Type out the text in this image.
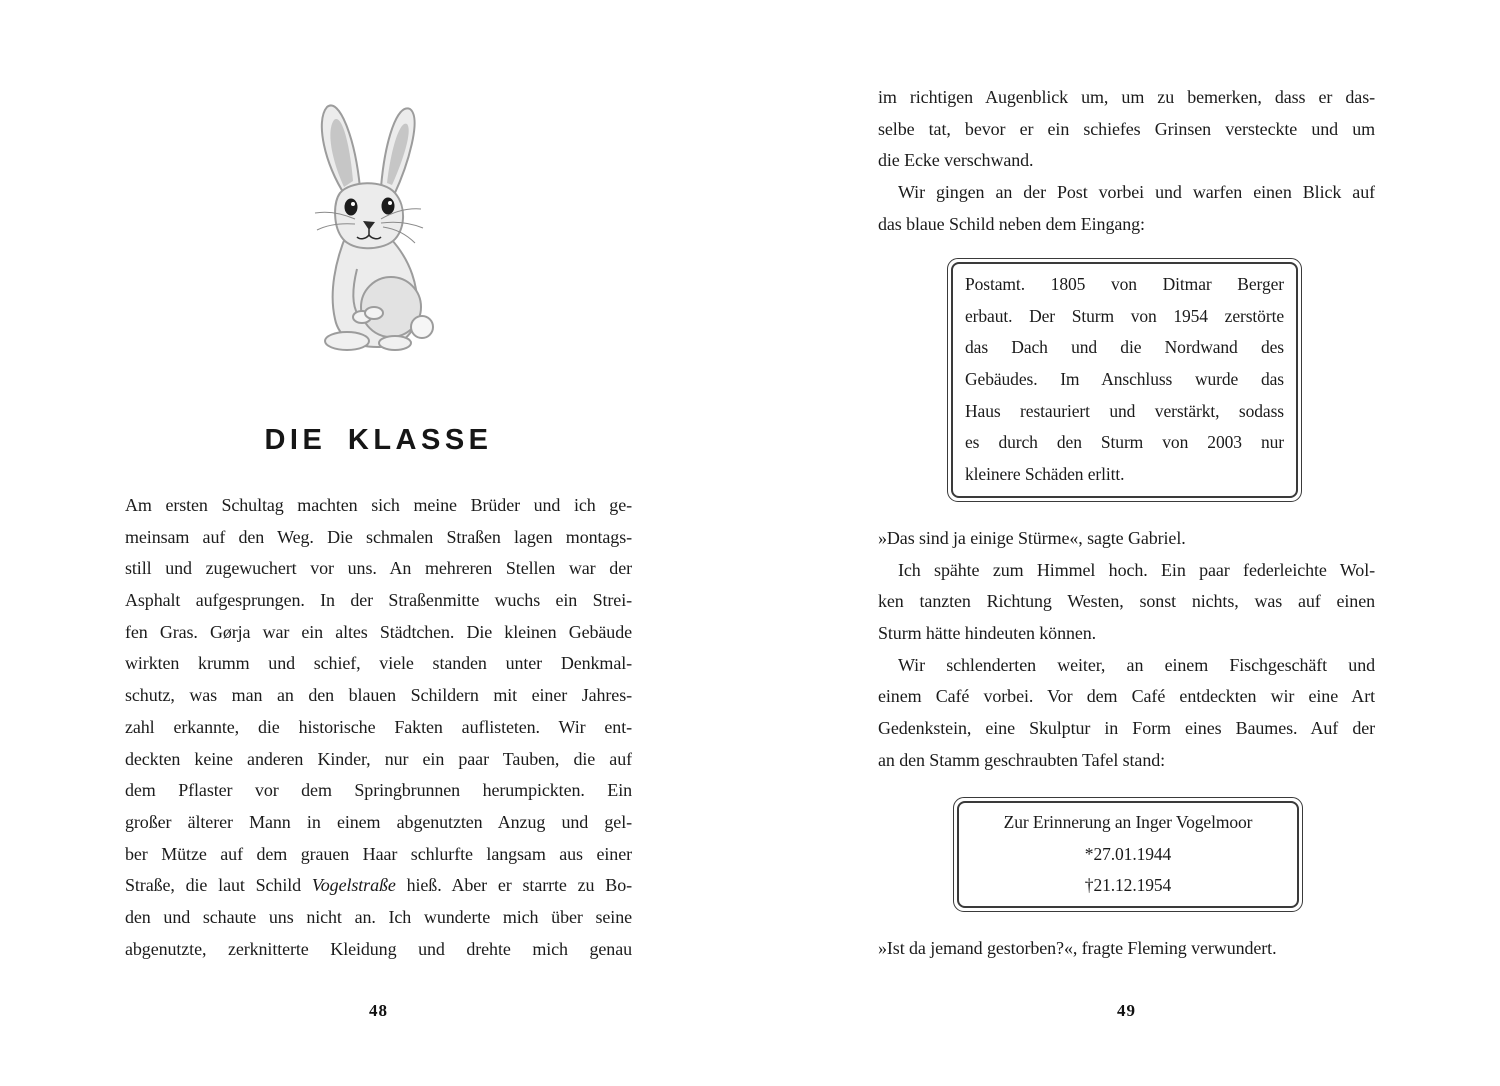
DIE KLASSE
Am ersten Schultag machten sich meine Brüder und ich ge-
meinsam auf den Weg. Die schmalen Straßen lagen montags-
still und zugewuchert vor uns. An mehreren Stellen war der
Asphalt aufgesprungen. In der Straßenmitte wuchs ein Strei-
fen Gras. Gørja war ein altes Städtchen. Die kleinen Gebäude
wirkten krumm und schief, viele standen unter Denkmal-
schutz, was man an den blauen Schildern mit einer Jahres-
zahl erkannte, die historische Fakten auflisteten. Wir ent-
deckten keine anderen Kinder, nur ein paar Tauben, die auf
dem Pflaster vor dem Springbrunnen herumpickten. Ein
großer älterer Mann in einem abgenutzten Anzug und gel-
ber Mütze auf dem grauen Haar schlurfte langsam aus einer
Straße, die laut Schild Vogelstraße hieß. Aber er starrte zu Bo-
den und schaute uns nicht an. Ich wunderte mich über seine
abgenutzte, zerknitterte Kleidung und drehte mich genau
48
im richtigen Augenblick um, um zu bemerken, dass er das-
selbe tat, bevor er ein schiefes Grinsen versteckte und um
die Ecke verschwand.
Wir gingen an der Post vorbei und warfen einen Blick auf
das blaue Schild neben dem Eingang:
Postamt. 1805 von Ditmar Berger
erbaut. Der Sturm von 1954 zerstörte
das Dach und die Nordwand des
Gebäudes. Im Anschluss wurde das
Haus restauriert und verstärkt, sodass
es durch den Sturm von 2003 nur
kleinere Schäden erlitt.
»Das sind ja einige Stürme«, sagte Gabriel.
Ich spähte zum Himmel hoch. Ein paar federleichte Wol-
ken tanzten Richtung Westen, sonst nichts, was auf einen
Sturm hätte hindeuten können.
Wir schlenderten weiter, an einem Fischgeschäft und
einem Café vorbei. Vor dem Café entdeckten wir eine Art
Gedenkstein, eine Skulptur in Form eines Baumes. Auf der
an den Stamm geschraubten Tafel stand:
Zur Erinnerung an Inger Vogelmoor
*27.01.1944
†21.12.1954
»Ist da jemand gestorben?«, fragte Fleming verwundert.
49
